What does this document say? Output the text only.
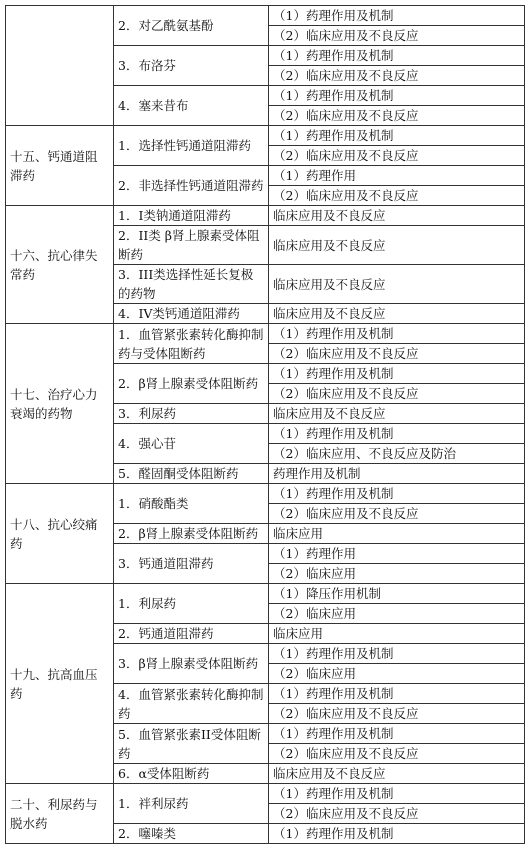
	2．对乙酰氨基酚	（1）药理作用及机制
		（2）临床应用及不良反应
	3．布洛芬	（1）药理作用及机制
		（2）临床应用及不良反应
	4．塞来昔布	（1）药理作用及机制
		（2）临床应用及不良反应
十五、钙通道阻滞药	1．选择性钙通道阻滞药	（1）药理作用及机制
		（2）临床应用及不良反应
	2．非选择性钙通道阻滞药	（1）药理作用
		（2）临床应用及不良反应
十六、抗心律失常药	1．I类钠通道阻滞药	临床应用及不良反应
	2．II类 β肾上腺素受体阻断药	临床应用及不良反应
	3．III类选择性延长复极的药物	临床应用及不良反应
	4．IV类钙通道阻滞药	临床应用及不良反应
十七、治疗心力衰竭的药物	1．血管紧张素转化酶抑制药与受体阻断药	（1）药理作用及机制
		（2）临床应用及不良反应
	2．β肾上腺素受体阻断药	（1）药理作用及机制
		（2）临床应用及不良反应
	3．利尿药	临床应用及不良反应
	4．强心苷	（1）药理作用及机制
		（2）临床应用、不良反应及防治
	5．醛固酮受体阻断药	药理作用及机制
十八、抗心绞痛药	1．硝酸酯类	（1）药理作用及机制
		（2）临床应用及不良反应
	2．β肾上腺素受体阻断药	临床应用
	3．钙通道阻滞药	（1）药理作用
		（2）临床应用
十九、抗高血压药	1．利尿药	（1）降压作用机制
		（2）临床应用
	2．钙通道阻滞药	临床应用
	3．β肾上腺素受体阻断药	（1）药理作用及机制
		（2）临床应用
	4．血管紧张素转化酶抑制药	（1）药理作用及机制
		（2）临床应用及不良反应
	5．血管紧张素II受体阻断药	（1）药理作用及机制
		（2）临床应用及不良反应
	6．α受体阻断药	临床应用及不良反应
二十、利尿药与脱水药	1．袢利尿药	（1）药理作用及机制
		（2）临床应用及不良反应
	2．噻嗪类	（1）药理作用及机制
